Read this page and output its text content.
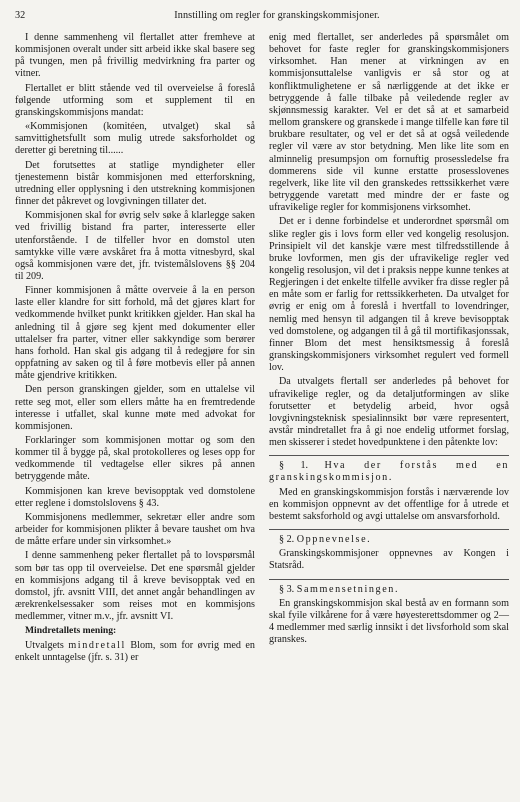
32	Innstilling om regler for granskingskommisjoner.

I denne sammenheng vil flertallet atter fremheve at kommisjonen overalt under sitt arbeid ikke skal basere seg på tvungen, men på frivillig medvirkning fra parter og vitner.

Flertallet er blitt stående ved til overveielse å foreslå følgende utforming som et supplement til en granskingskommisjons mandat:

«Kommisjonen (komitéen, utvalget) skal så samvittighetsfullt som mulig utrede saksforholdet og deretter gi beretning til......

Det forutsettes at statlige myndigheter eller tjenestemenn bistår kommisjonen med etterforskning, utredning eller opplysning i den utstrekning kommisjonen finner det påkrevet og lovgivningen tillater det.

Kommisjonen skal for øvrig selv søke å klarlegge saken ved frivillig bistand fra parter, interesserte eller utenforstående. I de tilfeller hvor en domstol uten samtykke ville være avskåret fra å motta vitnesbyrd, skal også kommisjonen være det, jfr. tvistemålslovens §§ 204 til 209.

Finner kommisjonen å måtte overveie å la en person laste eller klandre for sitt forhold, må det gjøres klart for vedkommende hvilket punkt kritikken gjelder. Han skal ha anledning til å gjøre seg kjent med dokumenter eller uttalelser fra parter, vitner eller sakkyndige som berører hans forhold. Han skal gis adgang til å redegjøre for sin oppfatning av saken og til å føre motbevis eller på annen måte gjendrive kritikken.

Den person granskingen gjelder, som en uttalelse vil rette seg mot, eller som ellers måtte ha en fremtredende interesse i utfallet, skal kunne møte med advokat for kommisjonen.

Forklaringer som kommisjonen mottar og som den kommer til å bygge på, skal protokolleres og leses opp for vedkommende til vedtagelse eller sikres på annen betryggende måte.

Kommisjonen kan kreve bevisopptak ved domstolene etter reglene i domstolslovens § 43.

Kommisjonens medlemmer, sekretær eller andre som arbeider for kommisjonen plikter å bevare taushet om hva de måtte erfare under sin virksomhet.»

I denne sammenheng peker flertallet på to lovspørsmål som bør tas opp til overveielse. Det ene spørsmål gjelder en kommisjons adgang til å kreve bevisopptak ved en domstol, jfr. avsnitt VIII, det annet angår behandlingen av ærekrenkelsessaker som reises mot en kommisjons medlemmer, vitner m.v., jfr. avsnitt VI.

Mindretallets mening:

Utvalgets mindretall Blom, som for øvrig med en enkelt unntagelse (jfr. s. 31) er

enig med flertallet, ser anderledes på spørsmålet om behovet for faste regler for granskingskommisjoners virksomhet. Han mener at virkningen av en kommisjonsuttalelse vanligvis er så stor og at konfliktmulighetene er så nærliggende at det ikke er betryggende å falle tilbake på veiledende regler av skjønnsmessig karakter. Vel er det så at et samarbeid mellom granskere og granskede i mange tilfelle kan føre til brukbare resultater, og vel er det så at også veiledende regler vil være av stor betydning. Men like lite som en alminnelig presumpsjon om fornuftig prosessledelse fra dommerens side vil kunne erstatte prosesslovenes regelverk, like lite vil den granskedes rettssikkerhet være betryggende varetatt med mindre der er faste og ufravikelige regler for kommisjonens virksomhet.

Det er i denne forbindelse et underordnet spørsmål om slike regler gis i lovs form eller ved kongelig resolusjon. Prinsipielt vil det kanskje være mest tilfredsstillende å bruke lovformen, men gis der ufravikelige regler ved kongelig resolusjon, vil det i praksis neppe kunne tenkes at Regjeringen i det enkelte tilfelle avviker fra disse regler på en måte som er farlig for rettssikkerheten. Da utvalget for øvrig er enig om å foreslå i hvertfall to lovendringer, nemlig med hensyn til adgangen til å kreve bevisopptak ved domstolene, og adgangen til å gå til mortifikasjonssak, finner Blom det mest hensiktsmessig å foreslå granskingskommisjoners virksomhet regulert ved formell lov.

Da utvalgets flertall ser anderledes på behovet for ufravikelige regler, og da detaljutformingen av slike forutsetter et betydelig arbeid, hvor også lovgivningsteknisk spesialinnsikt bør være representert, avstår mindretallet fra å gi noe endelig utformet forslag, men skisserer i stedet hovedpunktene i den påtenkte lov:

§ 1. Hva der forstås med en granskingskommisjon.

Med en granskingskommisjon forstås i nærværende lov en kommisjon oppnevnt av det offentlige for å utrede et bestemt saksforhold og avgi uttalelse om ansvarsforhold.

§ 2. Oppnevnelse.

Granskingskommisjoner oppnevnes av Kongen i Statsråd.

§ 3. Sammensetningen.

En granskingskommisjon skal bestå av en formann som skal fyile vilkårene for å være høyesterettsdommer og 2—4 medlemmer med særlig innsikt i det livsforhold som skal granskes.
